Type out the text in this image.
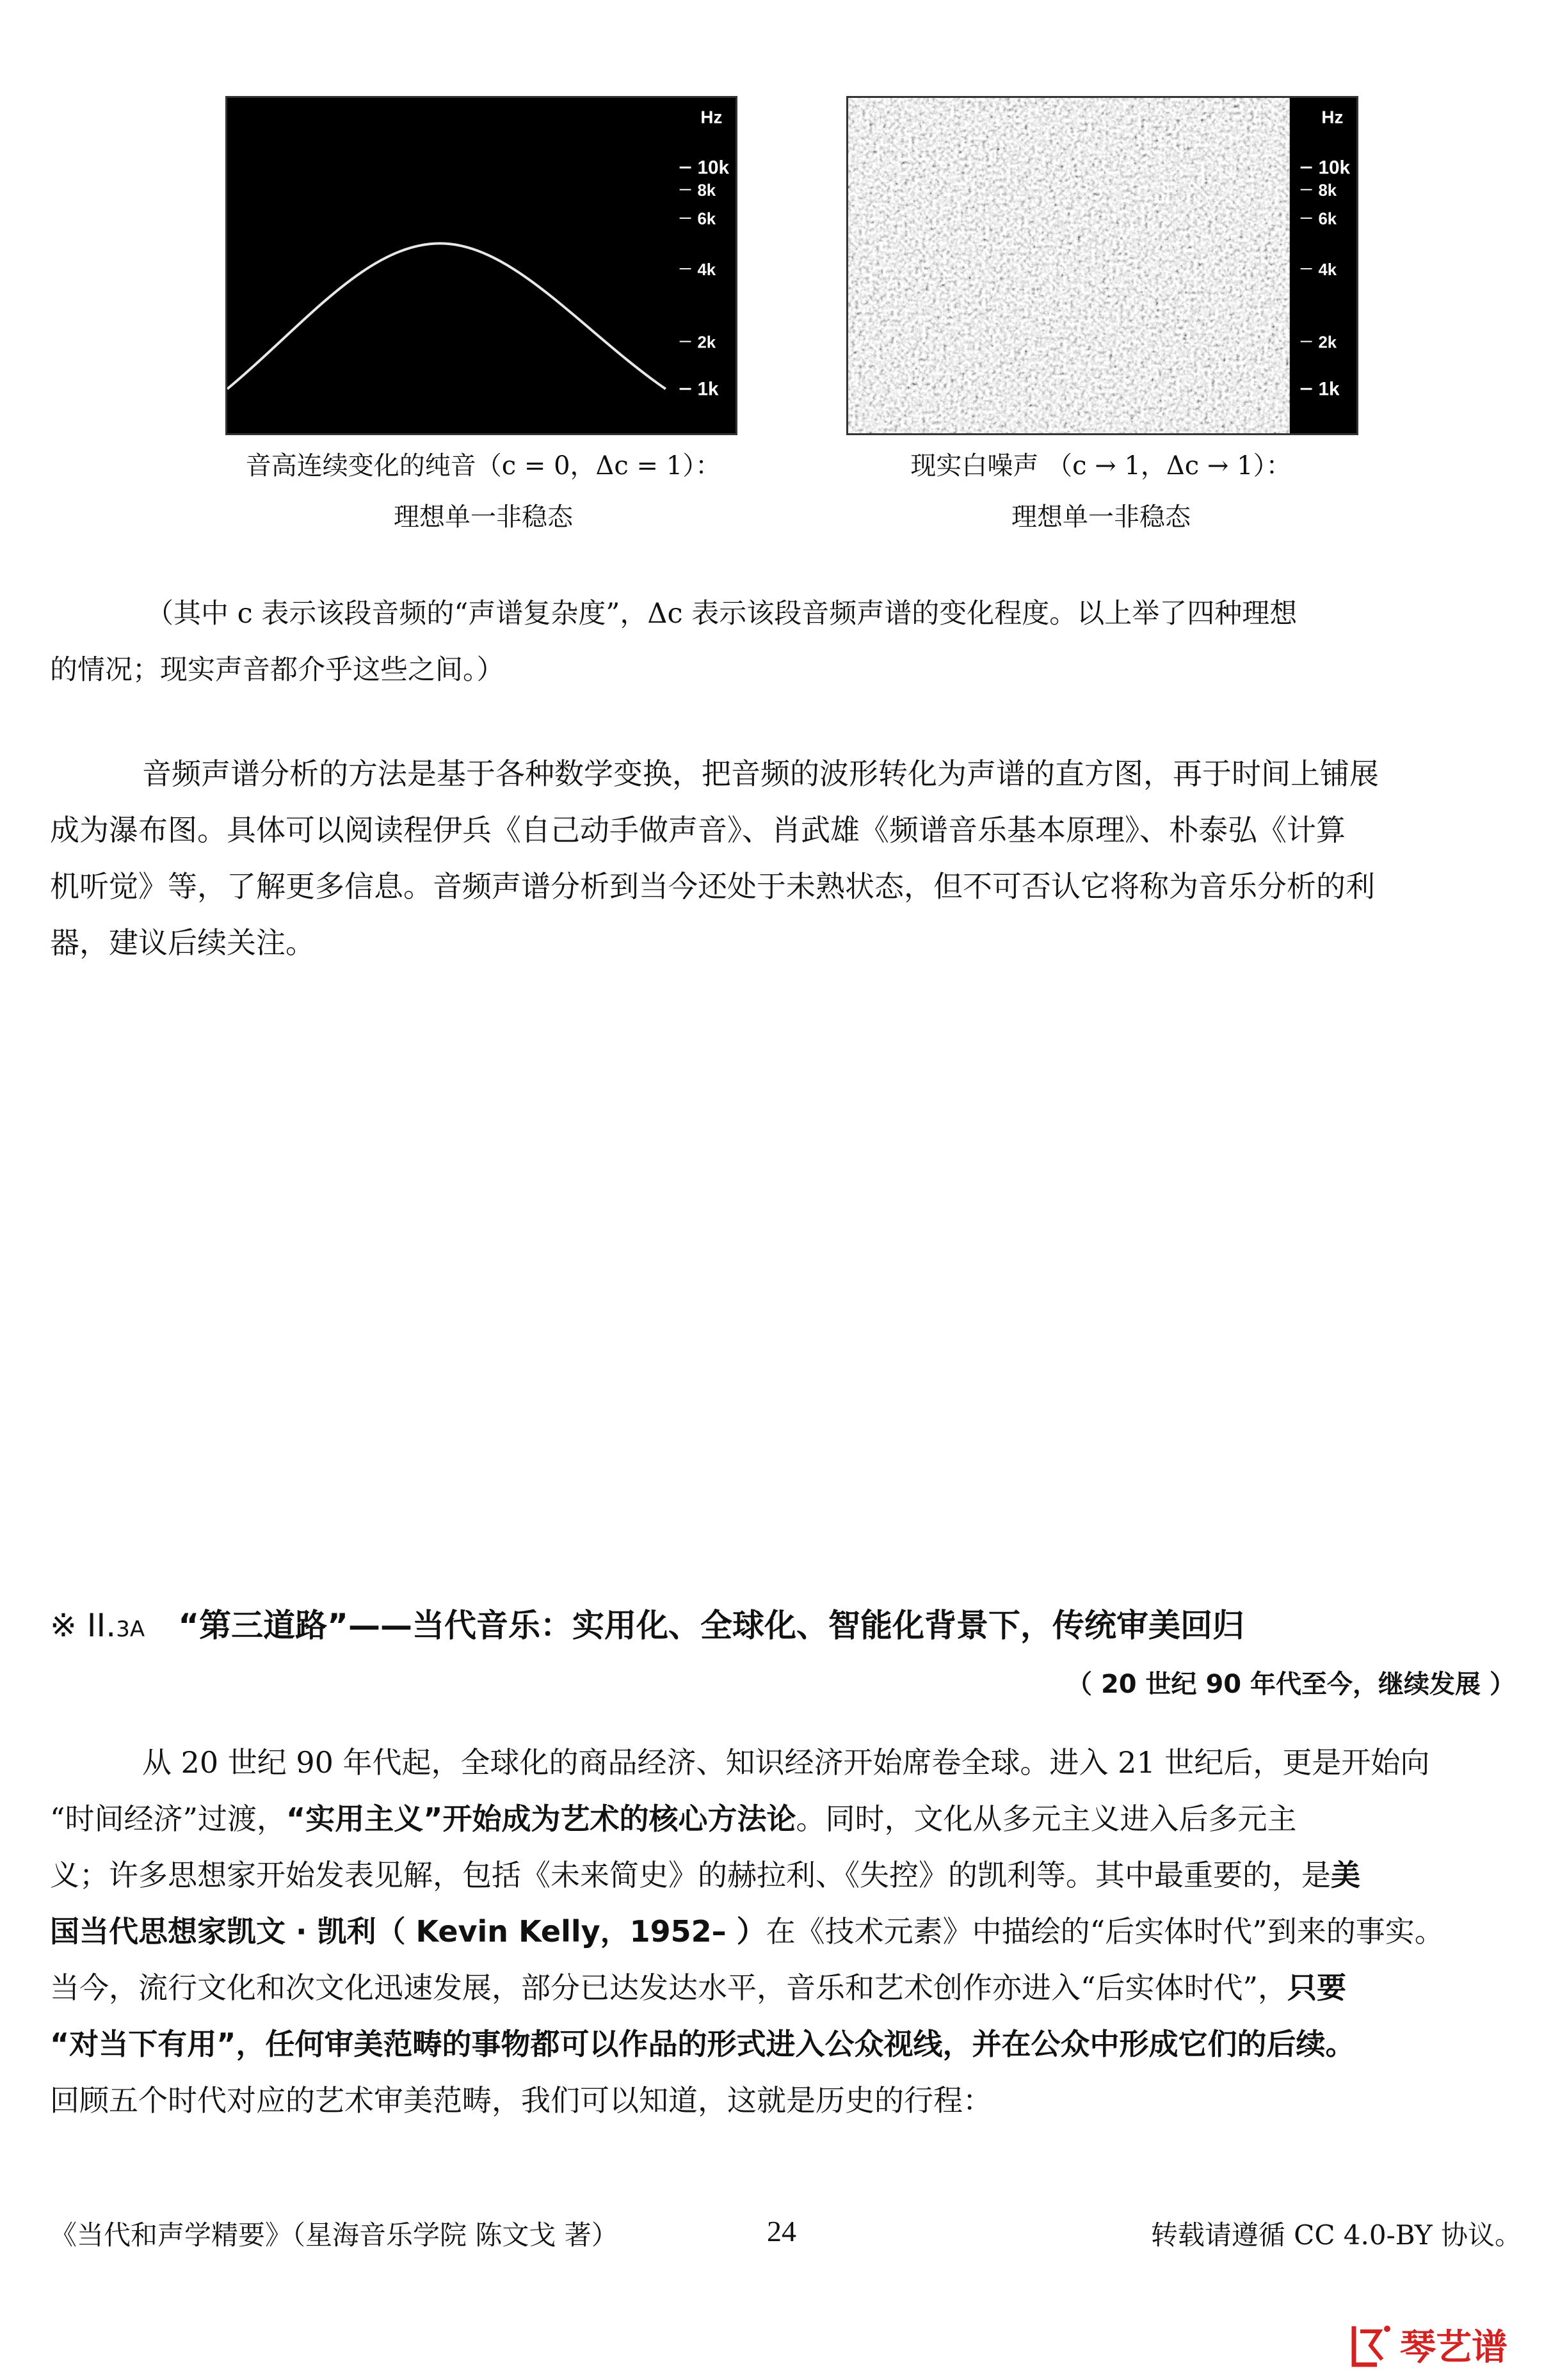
Hz
10k
8k
6k
4k
2k
1k
音高连续变化的纯音（c = 0，Δc = 1）：
理想单一非稳态
Hz
10k
8k
6k
4k
2k
1k
现实白噪声 （c → 1，Δc → 1）：
理想单一非稳态
（其中 c 表示该段音频的“声谱复杂度”，Δc 表示该段音频声谱的变化程度。以上举了四种理想
的情况；现实声音都介乎这些之间。）
音频声谱分析的方法是基于各种数学变换，把音频的波形转化为声谱的直方图，再于时间上铺展
成为瀑布图。具体可以阅读程伊兵《自己动手做声音》、肖武雄《频谱音乐基本原理》、朴泰弘《计算
机听觉》等，了解更多信息。音频声谱分析到当今还处于未熟状态，但不可否认它将称为音乐分析的利
器，建议后续关注。
※ II.3A “第三道路”——当代音乐：实用化、全球化、智能化背景下，传统审美回归
（ 20 世纪 90 年代至今，继续发展 ）
从 20 世纪 90 年代起，全球化的商品经济、知识经济开始席卷全球。进入 21 世纪后，更是开始向
“时间经济”过渡，“实用主义”开始成为艺术的核心方法论。同时，文化从多元主义进入后多元主
义；许多思想家开始发表见解，包括《未来简史》的赫拉利、《失控》的凯利等。其中最重要的，是美
国当代思想家凯文 · 凯利（ Kevin Kelly，1952– ）在《技术元素》中描绘的“后实体时代”到来的事实。
当今，流行文化和次文化迅速发展，部分已达发达水平，音乐和艺术创作亦进入“后实体时代”，只要
“对当下有用”，任何审美范畴的事物都可以作品的形式进入公众视线，并在公众中形成它们的后续。
回顾五个时代对应的艺术审美范畴，我们可以知道，这就是历史的行程：
《当代和声学精要》（星海音乐学院 陈文戈 著）	24	转载请遵循 CC 4.0-BY 协议。
琴艺谱
